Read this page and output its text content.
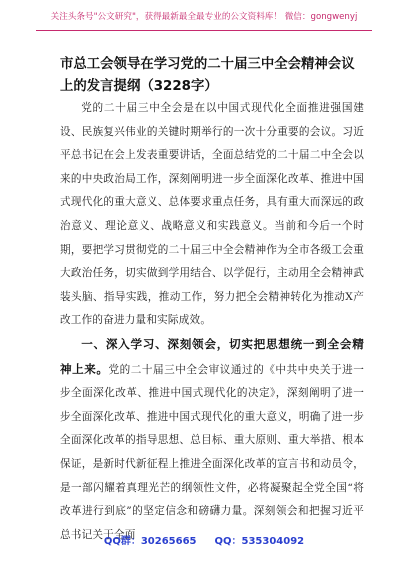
关注头条号"公文研究"，获得最新最全最专业的公文资料库！ 微信：gongwenyj
市总工会领导在学习党的二十届三中全会精神会议上的发言提纲（3228字）

党的二十届三中全会是在以中国式现代化全面推进强国建设、民族复兴伟业的关键时期举行的一次十分重要的会议。习近平总书记在会上发表重要讲话，全面总结党的二十届二中全会以来的中央政治局工作，深刻阐明进一步全面深化改革、推进中国式现代化的重大意义、总体要求重点任务，具有重大而深远的政治意义、理论意义、战略意义和实践意义。当前和今后一个时期，要把学习贯彻党的二十届三中全会精神作为全市各级工会重大政治任务，切实做到学用结合、以学促行，主动用全会精神武装头脑、指导实践，推动工作，努力把全会精神转化为推动X产改工作的奋进力量和实际成效。

一、深入学习、深刻领会，切实把思想统一到全会精神上来。党的二十届三中全会审议通过的《中共中央关于进一步全面深化改革、推进中国式现代化的决定》，深刻阐明了进一步全面深化改革、推进中国式现代化的重大意义，明确了进一步全面深化改革的指导思想、总目标、重大原则、重大举措、根本保证，是新时代新征程上推进全面深化改革的宣言书和动员令，是一部闪耀着真理光芒的纲领性文件，必将凝聚起全党全国“将改革进行到底”的坚定信念和磅礴力量。深刻领会和把握习近平总书记关于全面

QQ群：30265665 QQ：535304092
